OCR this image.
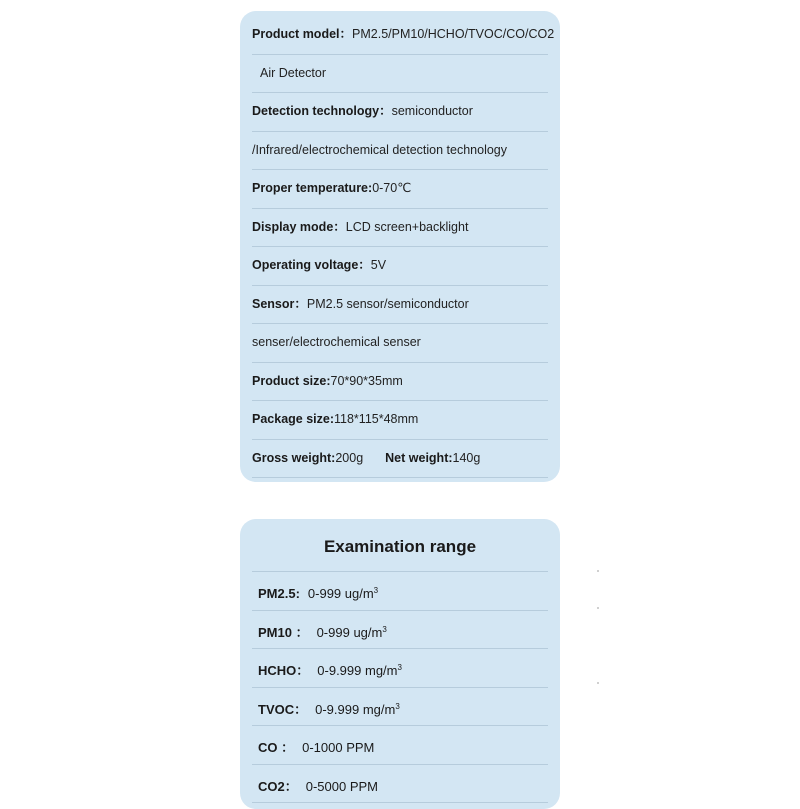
Product model：PM2.5/PM10/HCHO/TVOC/CO/CO2
Air Detector
Detection technology：semiconductor
/Infrared/electrochemical detection technology
Proper temperature:0-70℃
Display mode：LCD screen+backlight
Operating voltage：5V
Sensor：PM2.5 sensor/semiconductor
senser/electrochemical senser
Product size:70*90*35mm
Package size:118*115*48mm
Gross weight:200g Net weight:140g
Examination range
PM2.5: 0-999 $ug/m^3$
PM10 ： 0-999 $ug/m^3$
HCHO： 0-9.999 $mg/m^3$
TVOC： 0-9.999 $mg/m^3$
CO ： 0-1000 PPM
CO2： 0-5000 PPM
